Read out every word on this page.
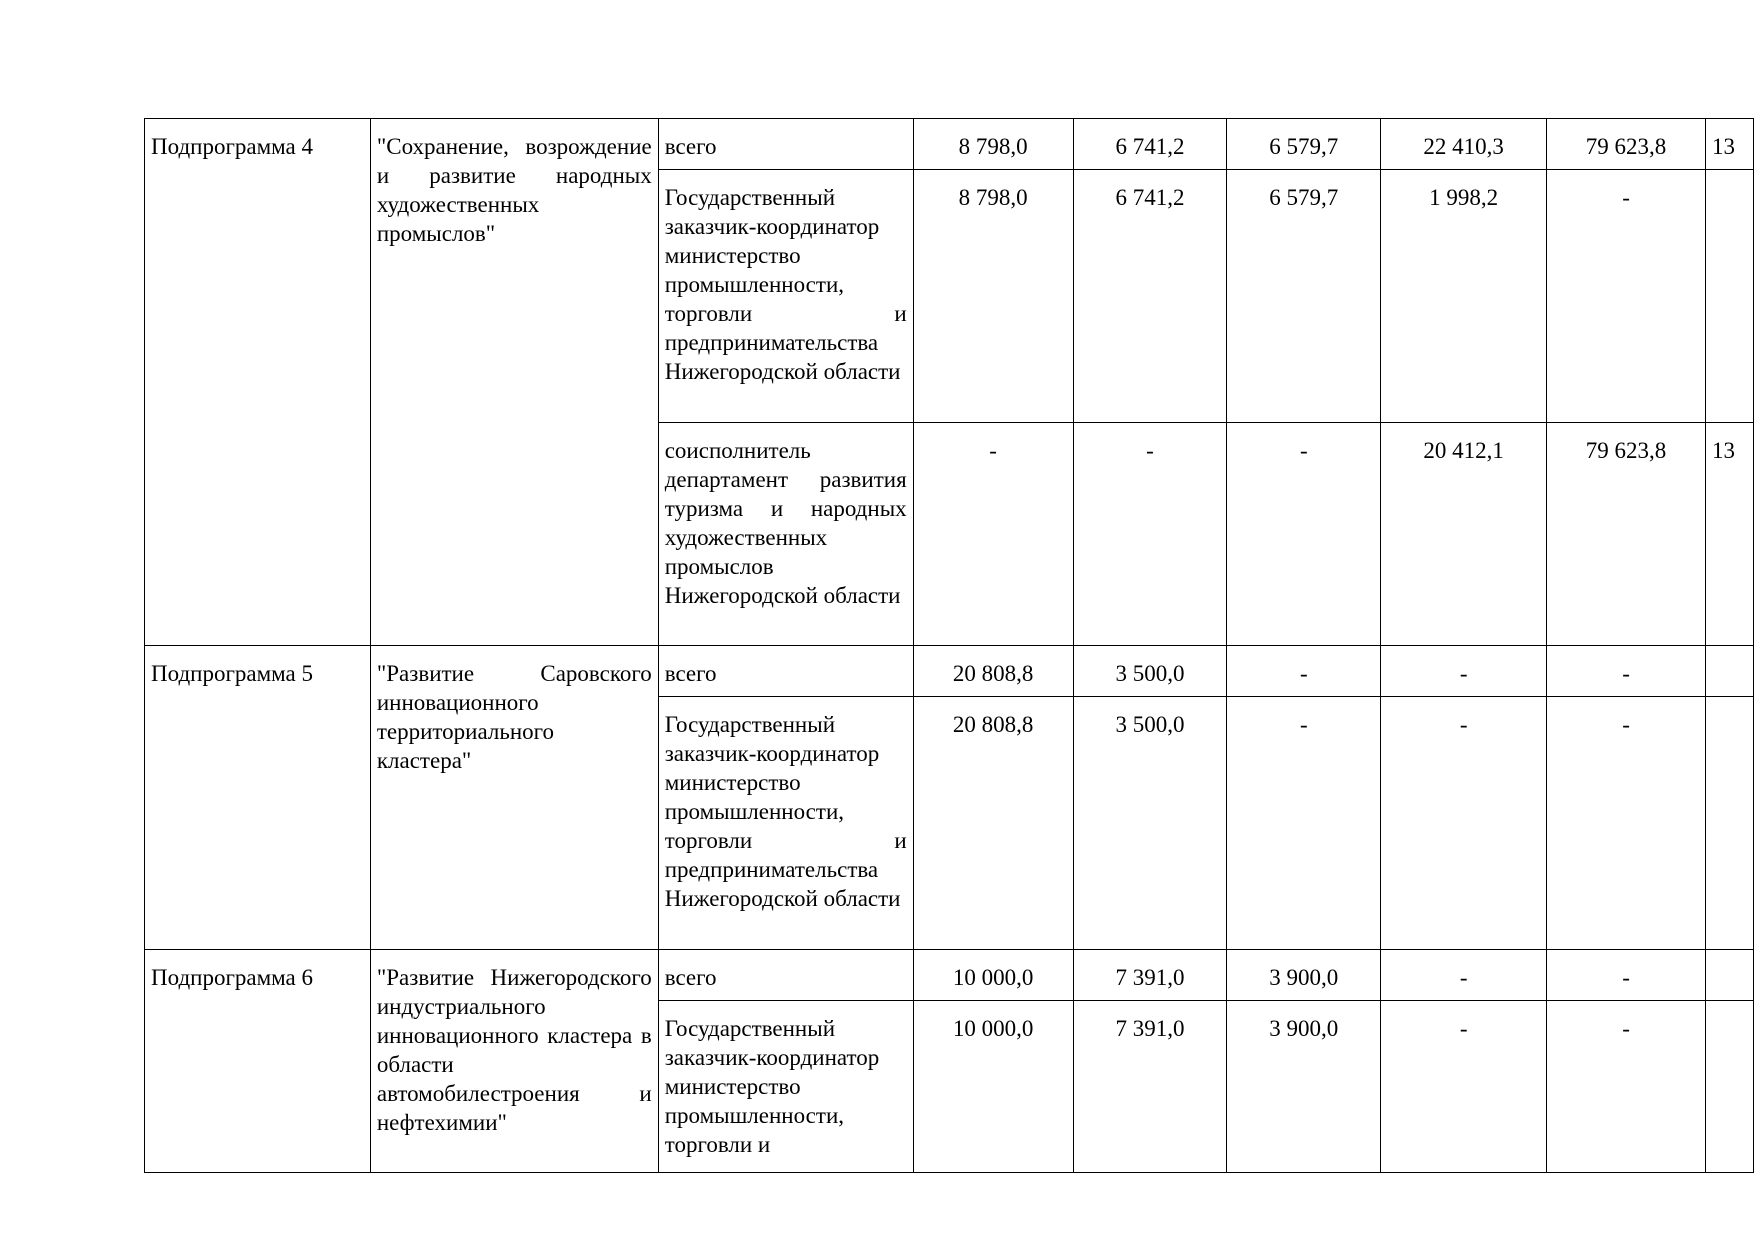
Подпрограмма 4	"Сохранение, возрождение и развитие народных художественных промыслов"	всего	8 798,0	6 741,2	6 579,7	22 410,3	79 623,8	13
		Государственный заказчик-координатор министерство промышленности, торговли и предпринимательства Нижегородской области	8 798,0	6 741,2	6 579,7	1 998,2	-	
		соисполнитель департамент развития туризма и народных художественных промыслов Нижегородской области	-	-	-	20 412,1	79 623,8	13
Подпрограмма 5	"Развитие Саровского инновационного территориального кластера"	всего	20 808,8	3 500,0	-	-	-	
		Государственный заказчик-координатор министерство промышленности, торговли и предпринимательства Нижегородской области	20 808,8	3 500,0	-	-	-	
Подпрограмма 6	"Развитие Нижегородского индустриального инновационного кластера в области автомобилестроения и нефтехимии"	всего	10 000,0	7 391,0	3 900,0	-	-	
		Государственный заказчик-координатор министерство промышленности, торговли и	10 000,0	7 391,0	3 900,0	-	-	
